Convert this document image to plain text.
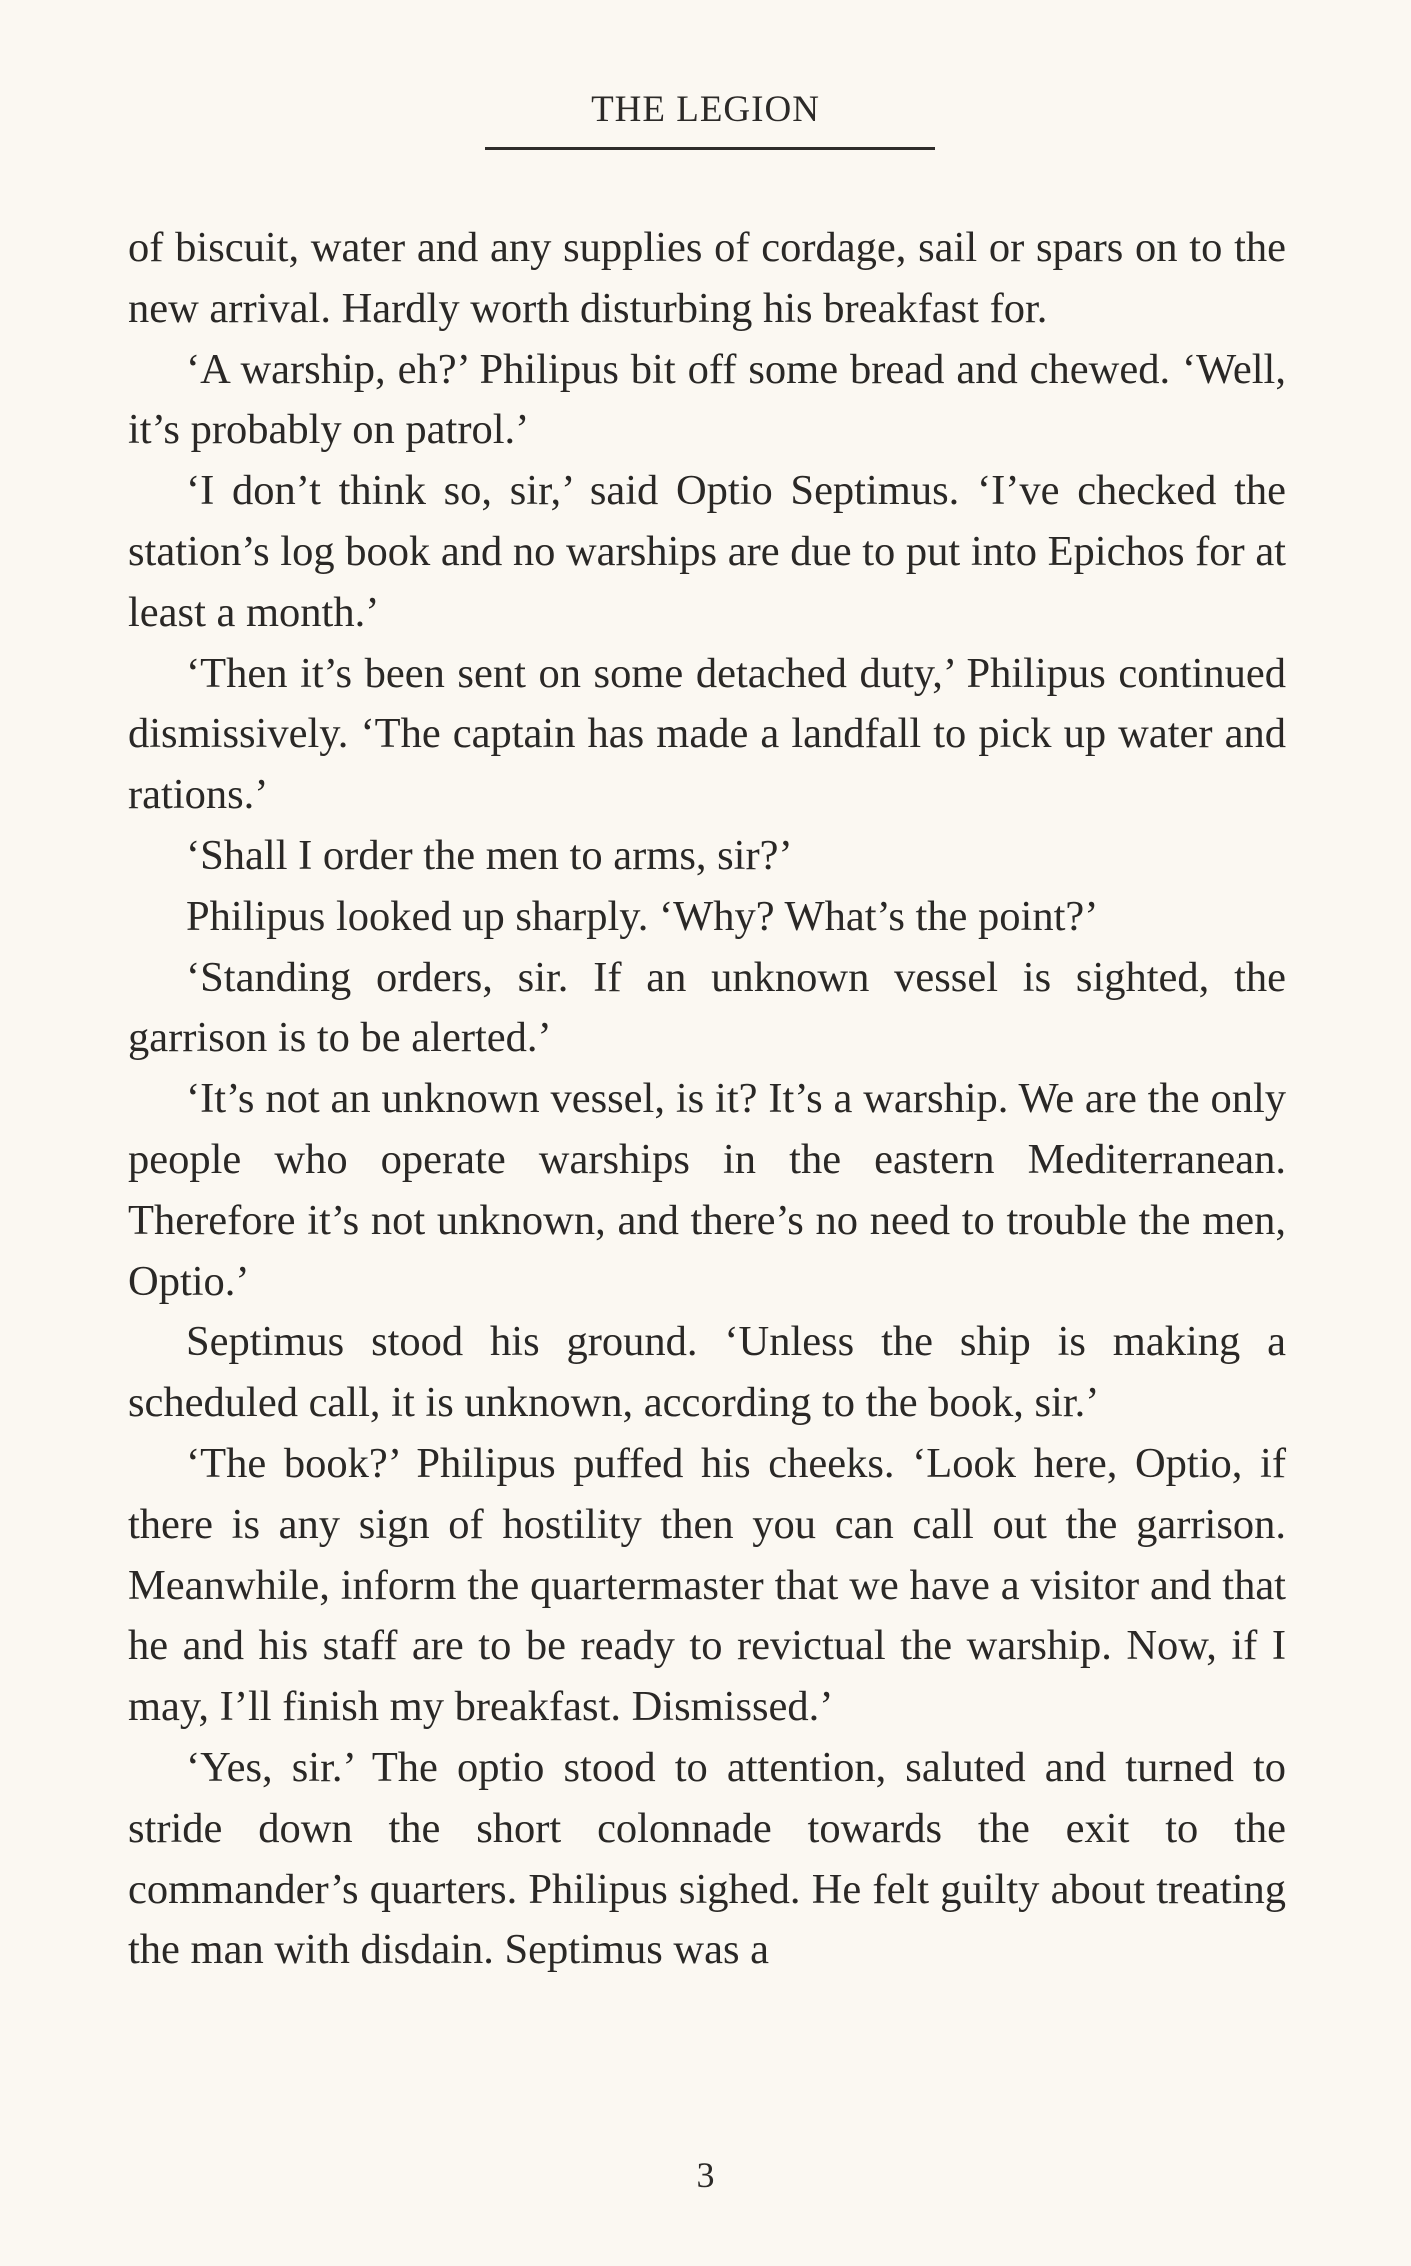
THE LEGION

of biscuit, water and any supplies of cordage, sail or spars on to the new arrival. Hardly worth disturbing his breakfast for.

‘A warship, eh?’ Philipus bit off some bread and chewed. ‘Well, it’s probably on patrol.’

‘I don’t think so, sir,’ said Optio Septimus. ‘I’ve checked the station’s log book and no warships are due to put into Epichos for at least a month.’

‘Then it’s been sent on some detached duty,’ Philipus continued dismissively. ‘The captain has made a landfall to pick up water and rations.’

‘Shall I order the men to arms, sir?’

Philipus looked up sharply. ‘Why? What’s the point?’

‘Standing orders, sir. If an unknown vessel is sighted, the garrison is to be alerted.’

‘It’s not an unknown vessel, is it? It’s a warship. We are the only people who operate warships in the eastern Mediterranean. Therefore it’s not unknown, and there’s no need to trouble the men, Optio.’

Septimus stood his ground. ‘Unless the ship is making a scheduled call, it is unknown, according to the book, sir.’

‘The book?’ Philipus puffed his cheeks. ‘Look here, Optio, if there is any sign of hostility then you can call out the garrison. Meanwhile, inform the quartermaster that we have a visitor and that he and his staff are to be ready to revictual the warship. Now, if I may, I’ll finish my breakfast. Dismissed.’

‘Yes, sir.’ The optio stood to attention, saluted and turned to stride down the short colonnade towards the exit to the commander’s quarters. Philipus sighed. He felt guilty about treating the man with disdain. Septimus was a

3
